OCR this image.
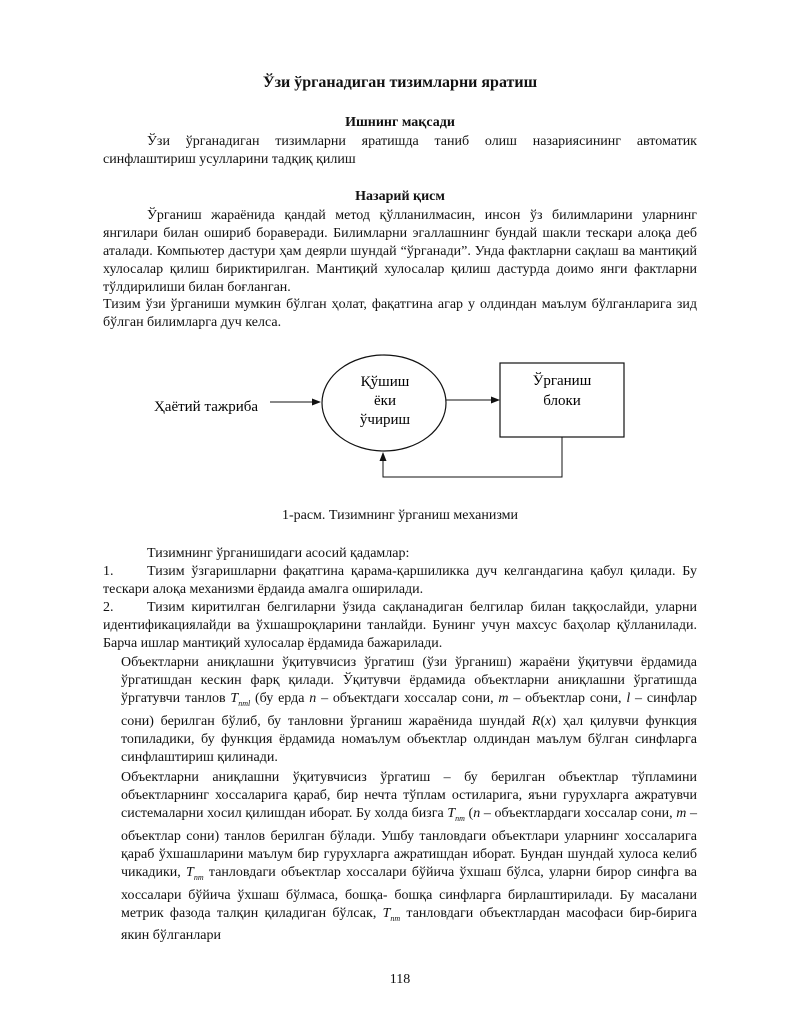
Ўзи ўрганадиган тизимларни яратиш
Ишнинг мақсади
Ўзи ўрганадиган тизимларни яратишда таниб олиш назариясининг автоматик синфлаштириш усулларини тадқиқ қилиш
Назарий қисм
Ўрганиш жараёнида қандай метод қўлланилмасин, инсон ўз билимларини уларнинг янгилари билан ошириб бораверади. Билимларни эгаллашнинг бундай шакли тескари алоқа деб аталади. Компьютер дастури ҳам деярли шундай “ўрганади”. Унда фактларни сақлаш ва мантиқий хулосалар қилиш бириктирилган. Мантиқий хулосалар қилиш дастурда доимо янги фактларни тўлдирилиши билан боғланган.
Тизим ўзи ўрганиши мумкин бўлган ҳолат, фақатгина агар у олдиндан маълум бўлганларига зид бўлган билимларга дуч келса.
Ҳаётий тажриба
Қўшиш
ёки
ўчириш
Ўрганиш
блоки
1-расм. Тизимнинг ўрганиш механизми
Тизимнинг ўрганишидаги асосий қадамлар:
1. Тизим ўзгаришларни фақатгина қарама-қаршиликка дуч келгандагина қабул қилади. Бу тескари алоқа механизми ёрдаида амалга оширилади.
2. Тизим киритилган белгиларни ўзида сақланадиган белгилар билан taққослайди, уларни идентификациялайди ва ўхшашроқларини танлайди. Бунинг учун махсус баҳолар қўлланилади. Барча ишлар мантиқий хулосалар ёрдамида бажарилади.
Объектларни аниқлашни ўқитувчисиз ўргатиш (ўзи ўрганиш) жараёни ўқитувчи ёрдамида ўргатишдан кескин фарқ қилади. Ўқитувчи ёрдамида объектларни аниқлашни ўргатишда ўргатувчи танлов $T_{nml}$ (бу ерда n – объектдаги хоссалар сони, m – объектлар сони, l – синфлар сони) берилган бўлиб, бу танловни ўрганиш жараёнида шундай R(x) ҳал қилувчи функция топиладики, бу функция ёрдамида номаълум объектлар олдиндан маълум бўлган синфларга синфлаштириш қилинади.
Объектларни аниқлашни ўқитувчисиз ўргатиш – бу берилган объектлар тўпламини объектларнинг хоссаларига қараб, бир нечта тўплам остиларига, яъни гурухларга ажратувчи системаларни хосил қилишдан иборат. Бу холда бизга $T_{nm}$ (n – объектлардаги хоссалар сони, m – объектлар сони) танлов берилган бўлади. Ушбу танловдаги объектлари уларнинг хоссаларига қараб ўхшашларини маълум бир гурухларга ажратишдан иборат. Бундан шундай хулоса келиб чикадики, $T_{nm}$ танловдаги объектлар хоссалари бўйича ўхшаш бўлса, уларни бирор синфга ва хоссалари бўйича ўхшаш бўлмаса, бошқа- бошқа синфларга бирлаштирилади. Бу масалани метрик фазода талқин қиладиган бўлсак, $T_{nm}$ танловдаги объектлардан масофаси бир-бирига якин бўлганлари
118
